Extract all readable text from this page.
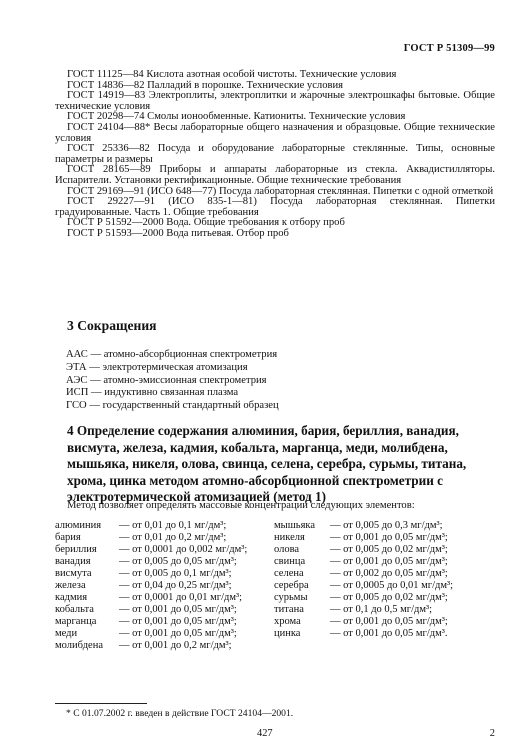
ГОСТ Р 51309—99

ГОСТ 11125—84 Кислота азотная особой чистоты. Технические условия

ГОСТ 14836—82 Палладий в порошке. Технические условия

ГОСТ 14919—83 Электроплиты, электроплитки и жарочные электрошкафы бытовые. Общие технические условия

ГОСТ 20298—74 Смолы ионообменные. Катиониты. Технические условия

ГОСТ 24104—88* Весы лабораторные общего назначения и образцовые. Общие технические условия

ГОСТ 25336—82 Посуда и оборудование лабораторные стеклянные. Типы, основные параметры и размеры

ГОСТ 28165—89 Приборы и аппараты лабораторные из стекла. Аквадистилляторы. Испарители. Установки ректификационные. Общие технические требования

ГОСТ 29169—91 (ИСО 648—77) Посуда лабораторная стеклянная. Пипетки с одной отметкой

ГОСТ 29227—91 (ИСО 835-1—81) Посуда лабораторная стеклянная. Пипетки градуированные. Часть 1. Общие требования

ГОСТ Р 51592—2000 Вода. Общие требования к отбору проб

ГОСТ Р 51593—2000 Вода питьевая. Отбор проб

3 Сокращения
ААС — атомно-абсорбционная спектрометрия
ЭТА — электротермическая атомизация
АЭС — атомно-эмиссионная спектрометрия
ИСП — индуктивно связанная плазма
ГСО — государственный стандартный образец
4 Определение содержания алюминия, бария, бериллия, ванадия, висмута, железа, кадмия, кобальта, марганца, меди, молибдена, мышьяка, никеля, олова, свинца, селена, серебра, сурьмы, титана, хрома, цинка методом атомно-абсорбционной спектрометрии с электротермической атомизацией (метод 1)
Метод позволяет определять массовые концентрации следующих элементов:
алюминия	— от 0,01 до 0,1 мг/дм³;	мышьяка	— от 0,005 до 0,3 мг/дм³;
бария	— от 0,01 до 0,2 мг/дм³;	никеля	— от 0,001 до 0,05 мг/дм³;
бериллия	— от 0,0001 до 0,002 мг/дм³;	олова	— от 0,005 до 0,02 мг/дм³;
ванадия	— от 0,005 до 0,05 мг/дм³;	свинца	— от 0,001 до 0,05 мг/дм³;
висмута	— от 0,005 до 0,1 мг/дм³;	селена	— от 0,002 до 0,05 мг/дм³;
железа	— от 0,04 до 0,25 мг/дм³;	серебра	— от 0,0005 до 0,01 мг/дм³;
кадмия	— от 0,0001 до 0,01 мг/дм³;	сурьмы	— от 0,005 до 0,02 мг/дм³;
кобальта	— от 0,001 до 0,05 мг/дм³;	титана	— от 0,1 до 0,5 мг/дм³;
марганца	— от 0,001 до 0,05 мг/дм³;	хрома	— от 0,001 до 0,05 мг/дм³;
меди	— от 0,001 до 0,05 мг/дм³;	цинка	— от 0,001 до 0,05 мг/дм³.
молибдена	— от 0,001 до 0,2 мг/дм³;
* С 01.07.2002 г. введен в действие ГОСТ 24104—2001.
427	2
